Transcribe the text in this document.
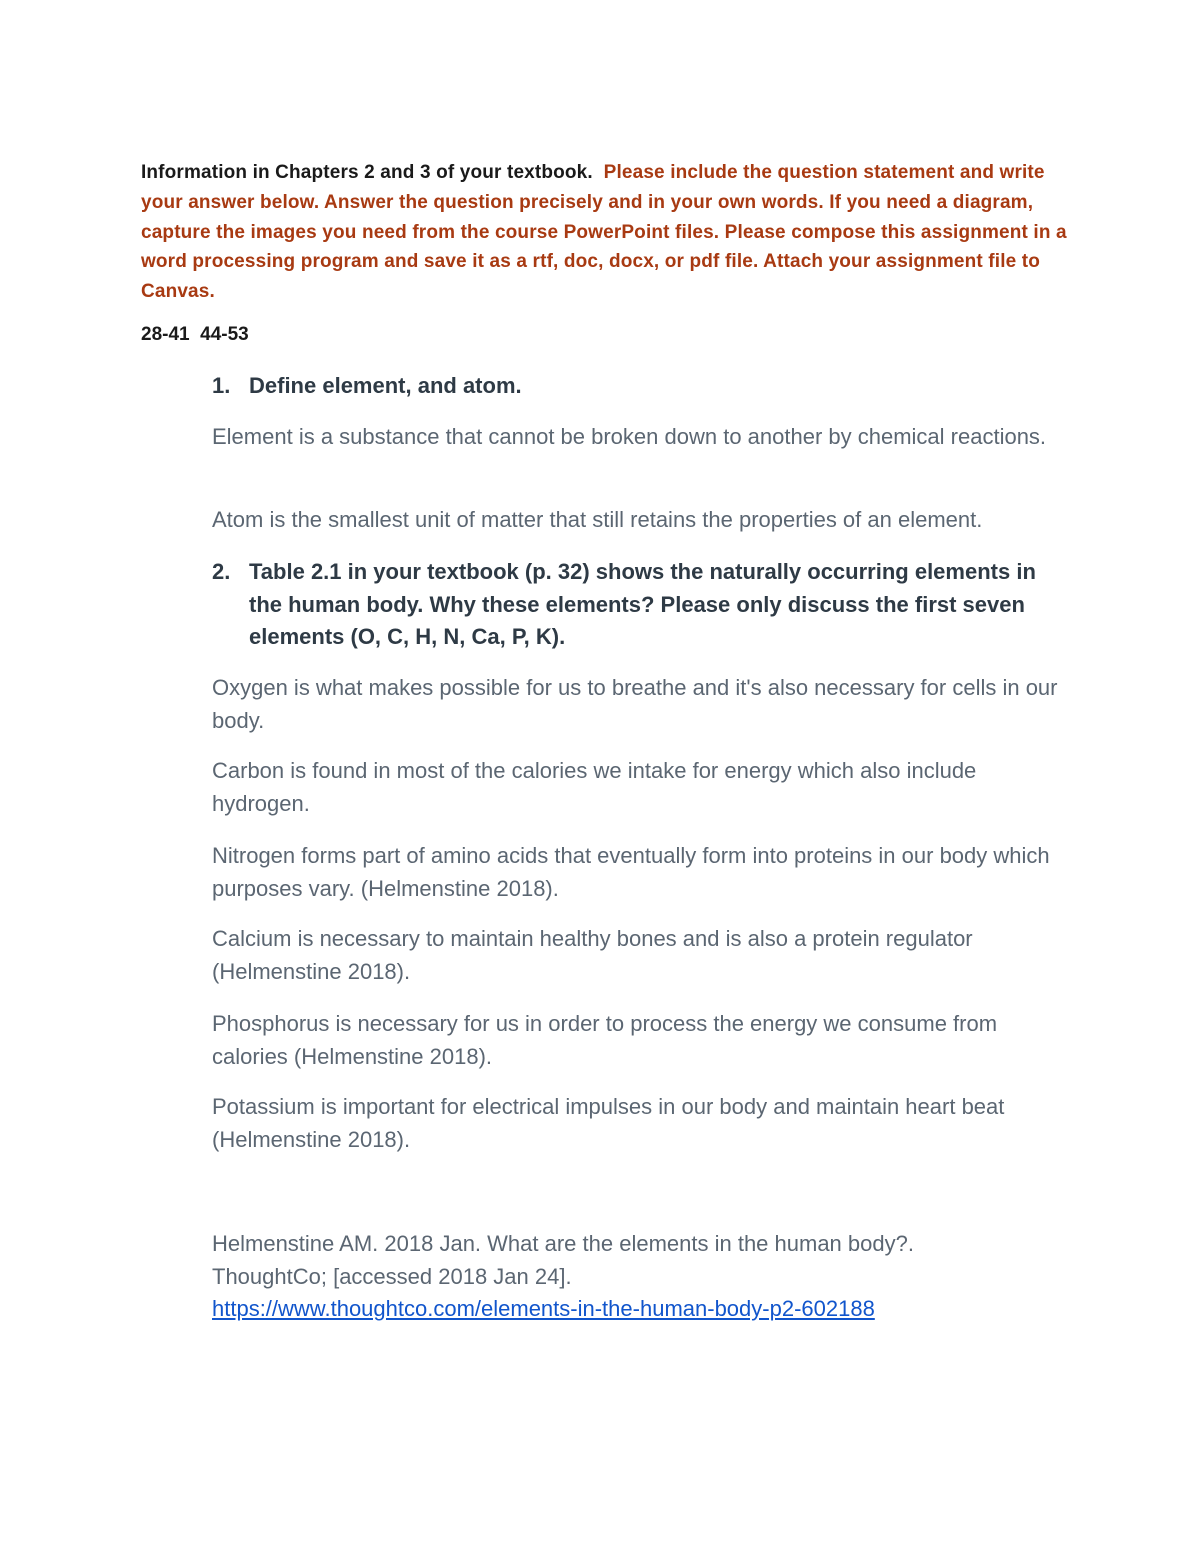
Information in Chapters 2 and 3 of your textbook. Please include the question statement and write your answer below. Answer the question precisely and in your own words. If you need a diagram, capture the images you need from the course PowerPoint files. Please compose this assignment in a word processing program and save it as a rtf, doc, docx, or pdf file. Attach your assignment file to Canvas.

28-41  44-53

1. Define element, and atom.

Element is a substance that cannot be broken down to another by chemical reactions.

Atom is the smallest unit of matter that still retains the properties of an element.

2. Table 2.1 in your textbook (p. 32) shows the naturally occurring elements in the human body. Why these elements? Please only discuss the first seven elements (O, C, H, N, Ca, P, K).

Oxygen is what makes possible for us to breathe and it's also necessary for cells in our body.

Carbon is found in most of the calories we intake for energy which also include hydrogen.

Nitrogen forms part of amino acids that eventually form into proteins in our body which purposes vary. (Helmenstine 2018).

Calcium is necessary to maintain healthy bones and is also a protein regulator (Helmenstine 2018).

Phosphorus is necessary for us in order to process the energy we consume from calories (Helmenstine 2018).

Potassium is important for electrical impulses in our body and maintain heart beat (Helmenstine 2018).

Helmenstine AM. 2018 Jan. What are the elements in the human body?.
ThoughtCo; [accessed 2018 Jan 24].
https://www.thoughtco.com/elements-in-the-human-body-p2-602188
